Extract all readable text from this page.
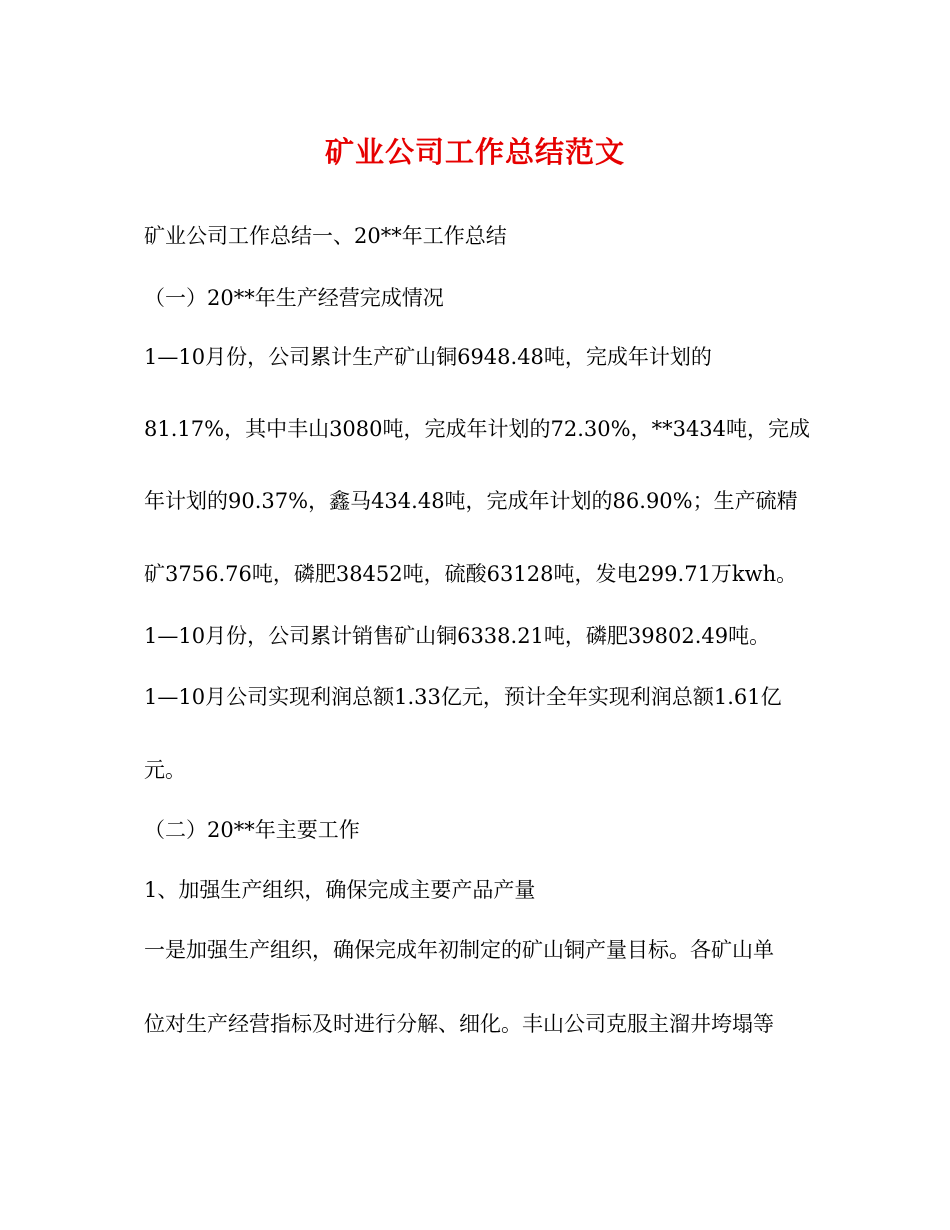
矿业公司工作总结范文
矿业公司工作总结一、20**年工作总结
（一）20**年生产经营完成情况
1—10月份，公司累计生产矿山铜6948.48吨，完成年计划的
81.17%，其中丰山3080吨，完成年计划的72.30%，**3434吨，完成
年计划的90.37%，鑫马434.48吨，完成年计划的86.90%；生产硫精
矿3756.76吨，磷肥38452吨，硫酸63128吨，发电299.71万kwh。
1—10月份，公司累计销售矿山铜6338.21吨，磷肥39802.49吨。
1—10月公司实现利润总额1.33亿元，预计全年实现利润总额1.61亿
元。
（二）20**年主要工作
1、加强生产组织，确保完成主要产品产量
一是加强生产组织，确保完成年初制定的矿山铜产量目标。各矿山单
位对生产经营指标及时进行分解、细化。丰山公司克服主溜井垮塌等
